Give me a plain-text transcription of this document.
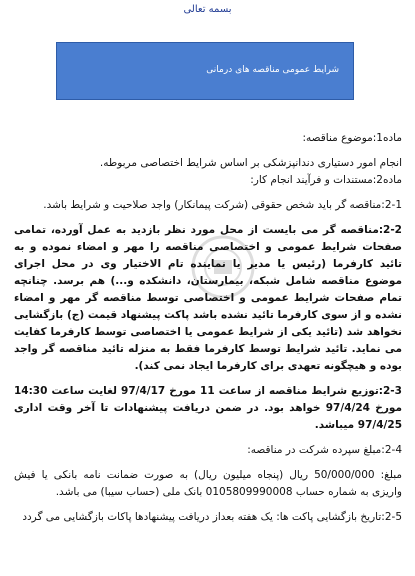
بسمه تعالی
شرایط عمومی مناقصه های درمانی

ماده1:موضوع مناقصه:

انجام امور دستیاری دندانپزشکی بر اساس شرایط اختصاصی مربوطه.

ماده2:مستندات و فرآیند انجام کار:

2-1:مناقصه گر باید شخص حقوقی (شرکت پیمانکار) واجد صلاحیت و شرایط باشد.

2-2:مناقصه گر می بایست از محل مورد نظر بازدید به عمل آورده، تمامی صفحات شرایط عمومی و اختصاصی مناقصه را مهر و امضاء نموده و به تائید کارفرما (رئیس یا مدیر یا نماینده تام الاختیار وی در محل اجرای موضوع مناقصه شامل شبکه، بیمارستان، دانشکده و...) هم برسد. چنانچه تمام صفحات شرایط عمومی و اختصاصی توسط مناقصه گر مهر و امضاء نشده و از سوی کارفرما تائید نشده باشد پاکت پیشنهاد قیمت (ج) بازگشایی نخواهد شد (تائید یکی از شرایط عمومی یا اختصاصی توسط کارفرما کفایت می نماید. تائید شرایط توسط کارفرما فقط به منزله تائید مناقصه گر واجد بوده و هیچگونه تعهدی برای کارفرما ایجاد نمی کند).

2-3:توزیع شرایط مناقصه از ساعت 11 مورخ 97/4/17 لغایت ساعت 14:30 مورخ 97/4/24 خواهد بود. در ضمن دریافت پیشنهادات تا آخر وقت اداری 97/4/25 میباشد.

2-4:مبلغ سپرده شرکت در مناقصه:

مبلغ: 50/000/000 ریال (پنجاه میلیون ریال) به صورت ضمانت نامه بانکی یا فیش واریزی به شماره حساب 0105809990008 بانک ملی (حساب سیبا) می باشد.

2-5:تاریخ بازگشایی پاکت ها: یک هفته بعداز دریافت پیشنهادها پاکات بازگشایی می گردد
